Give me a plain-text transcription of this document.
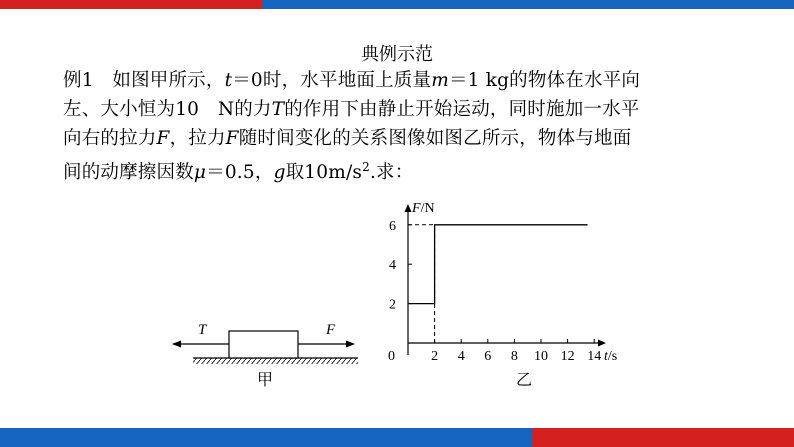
典例示范
例1　如图甲所示，t＝0时，水平地面上质量m＝1 kg的物体在水平向
左、大小恒为10　N的力T的作用下由静止开始运动，同时施加一水平
向右的拉力F，拉力F随时间变化的关系图像如图乙所示，物体与地面
间的动摩擦因数μ＝0.5，g取$10m/s^2$.求：
T	F
甲
0
F/N
t/s
2 4 6 8 10 12 14
2
4
6
乙
